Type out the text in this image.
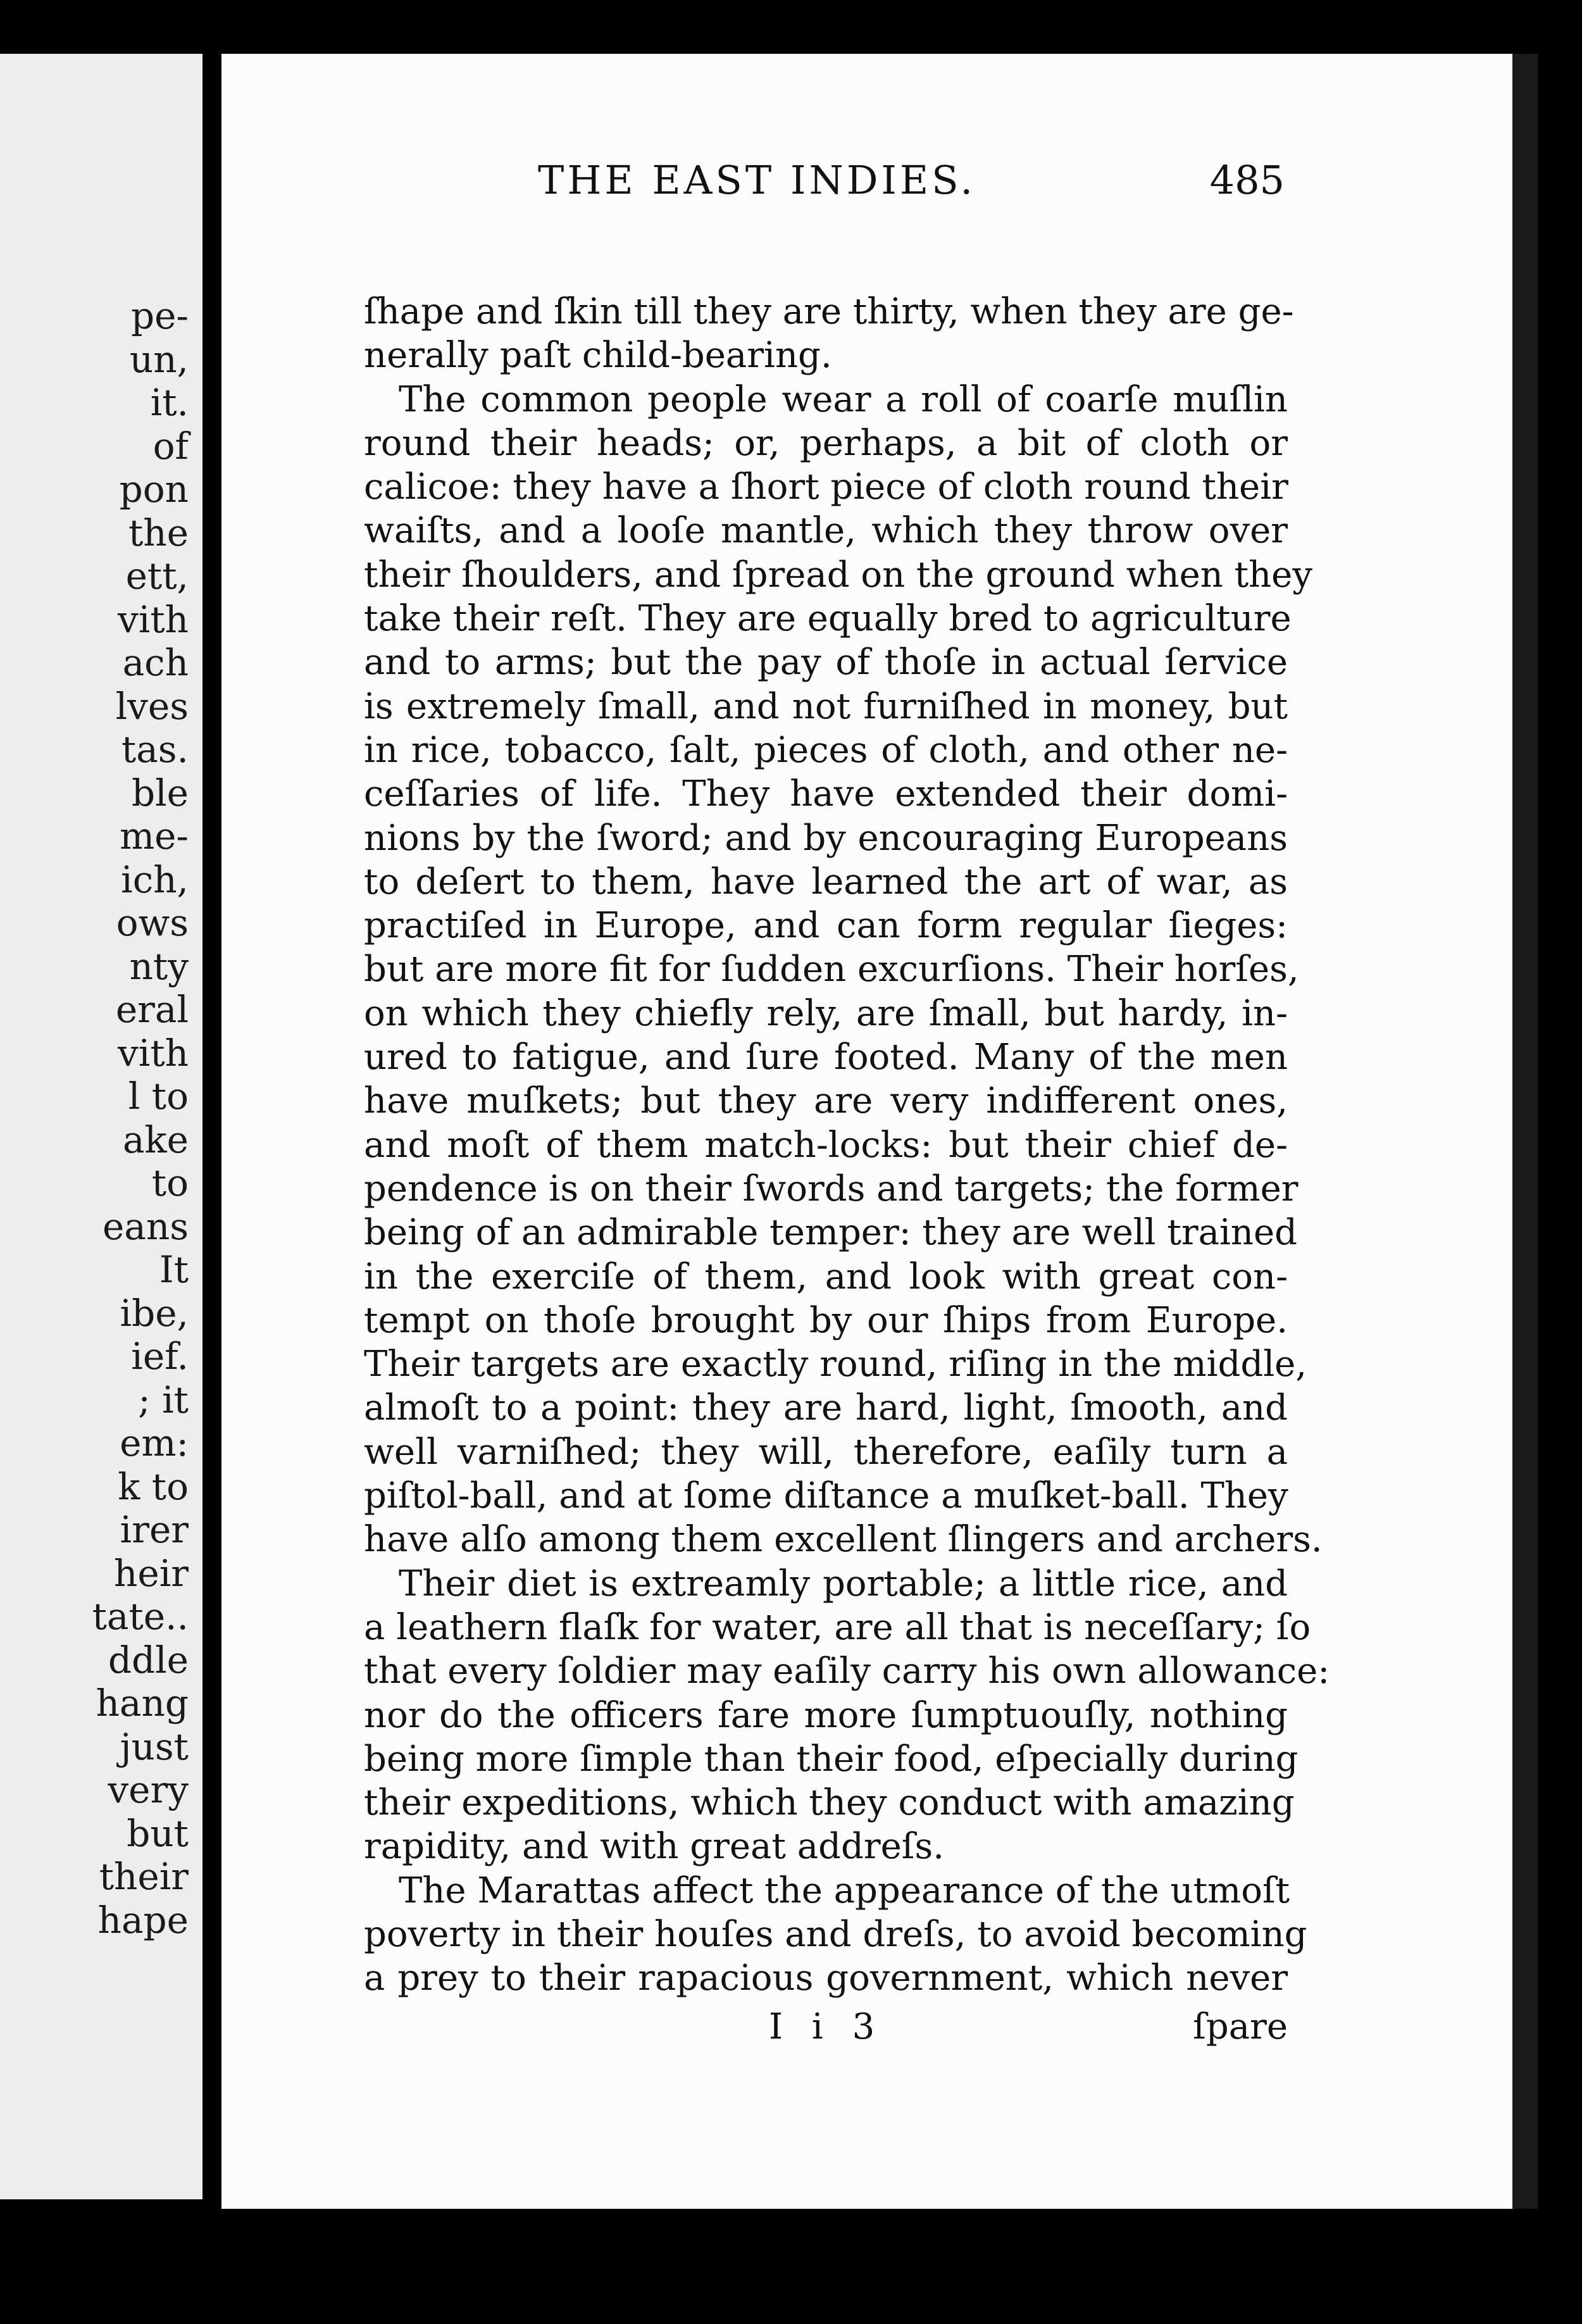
pe-
un,
it.
of
pon
the
ett,
vith
ach
lves
tas.
ble
me-
ich,
ows
nty
eral
vith
l to
ake
to
eans
It
ibe,
ief.
; it
em:
k to
irer
heir
tate..
ddle
hang
just
very
but
their
hape
THE EAST INDIES.	485
ſhape and ſkin till they are thirty, when they are ge-
nerally paſt child-bearing.
The common people wear a roll of coarſe muſlin
round their heads; or, perhaps, a bit of cloth or
calicoe: they have a ſhort piece of cloth round their
waiſts, and a looſe mantle, which they throw over
their ſhoulders, and ſpread on the ground when they
take their reſt. They are equally bred to agriculture
and to arms; but the pay of thoſe in actual ſervice
is extremely ſmall, and not furniſhed in money, but
in rice, tobacco, ſalt, pieces of cloth, and other ne-
ceſſaries of life. They have extended their domi-
nions by the ſword; and by encouraging Europeans
to deſert to them, have learned the art of war, as
practiſed in Europe, and can form regular ſieges:
but are more fit for ſudden excurſions. Their horſes,
on which they chiefly rely, are ſmall, but hardy, in-
ured to fatigue, and ſure footed. Many of the men
have muſkets; but they are very indifferent ones,
and moſt of them match-locks: but their chief de-
pendence is on their ſwords and targets; the former
being of an admirable temper: they are well trained
in the exerciſe of them, and look with great con-
tempt on thoſe brought by our ſhips from Europe.
Their targets are exactly round, riſing in the middle,
almoſt to a point: they are hard, light, ſmooth, and
well varniſhed; they will, therefore, eaſily turn a
piſtol-ball, and at ſome diſtance a muſket-ball. They
have alſo among them excellent ſlingers and archers.
Their diet is extreamly portable; a little rice, and
a leathern flaſk for water, are all that is neceſſary; ſo
that every ſoldier may eaſily carry his own allowance:
nor do the officers fare more ſumptuouſly, nothing
being more ſimple than their food, eſpecially during
their expeditions, which they conduct with amazing
rapidity, and with great addreſs.
The Marattas affect the appearance of the utmoſt
poverty in their houſes and dreſs, to avoid becoming
a prey to their rapacious government, which never
I i 3	ſpare
